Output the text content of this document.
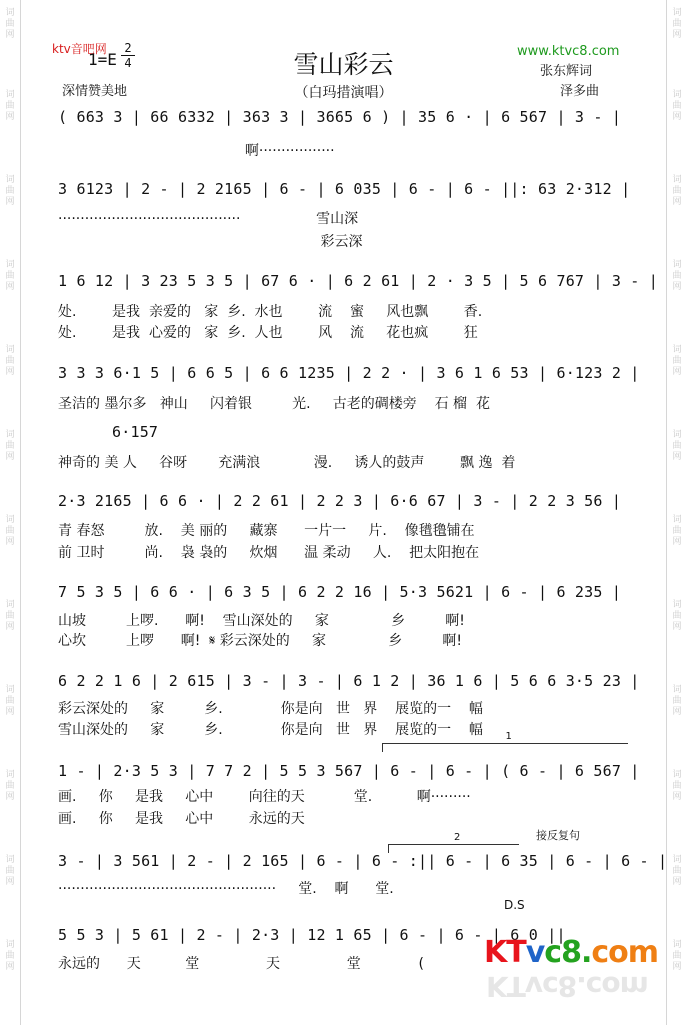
词曲网
词曲网
词曲网
词曲网
词曲网
词曲网
词曲网
词曲网
词曲网
词曲网
词曲网
词曲网
词曲网
词曲网
词曲网
词曲网
词曲网
词曲网
词曲网
词曲网
词曲网
词曲网
词曲网
词曲网
ktv音吧网
1=E
2
4	雪山彩云
（白玛措演唱）
www.ktvc8.com
张东辉词
泽多曲
深情赞美地
( 663 3 | 66 6332 | 363 3 | 3665 6 ) | 35 6 · | 6 567 | 3 - |
啊·················
3 6123 | 2 - | 2 2165 | 6 - | 6 035 | 6 - | 6 - ||: 63 2·312 |
·········································                 雪山深
彩云深
1 6 12 | 3 23 5 3 5 | 67 6 · | 6 2 61 | 2 · 3 5 | 5 6 767 | 3 - |
处.        是我  亲爱的   家  乡.  水也        流    蜜     风也飘        香.
处.        是我  心爱的   家  乡.  人也        风    流     花也疯        狂
3 3 3 6·1 5 | 6 6 5 | 6 6 1235 | 2 2 · | 3 6 1 6 53 | 6·123 2 |
圣洁的 墨尔多   神山     闪着银         光.     古老的碉楼旁    石 榴  花
6·157
神奇的 美 人     谷呀       充满浪            漫.     诱人的鼓声        飘 逸  着
2·3 2165 | 6 6 · | 2 2 61 | 2 2 3 | 6·6 67 | 3 - | 2 2 3 56 |
青 春怒         放.    美 丽的     藏寨      一片一     片.    像氆氇铺在
前 卫时         尚.    袅 袅的     炊烟      温 柔动     人.    把太阳抱在
7 5 3 5 | 6 6 · | 6 3 5 | 6 2 2 16 | 5·3 5621 | 6 - | 6 235 |
山坡         上啰.      啊!    雪山深处的     家              乡         啊!
心坎         上啰      啊!  𝄋 彩云深处的     家              乡         啊!
6 2 2 1 6 | 2 615 | 3 - | 3 - | 6 1 2 | 36 1 6 | 5 6 6 3·5 23 |
彩云深处的     家         乡.             你是向   世   界    展览的一    幅
雪山深处的     家         乡.             你是向   世   界    展览的一    幅 1
1 - | 2·3 5 3 | 7 7 2 | 5 5 3 567 | 6 - | 6 - | ( 6 - | 6 567 |
画.     你     是我     心中        向往的天           堂.          啊·········
画.     你     是我     心中        永远的天
接反复句
2
3 - | 3 561 | 2 - | 2 165 | 6 - | 6 - :|| 6 - | 6 35 | 6 - | 6 - |
·················································     堂.    啊      堂.
D.S
5 5 3 | 5 61 | 2 - | 2·3 | 12 1 65 | 6 - | 6 - | 6 0 ||
永远的      天          堂               天               堂             ( KTvc8.com
KTvc8.com
